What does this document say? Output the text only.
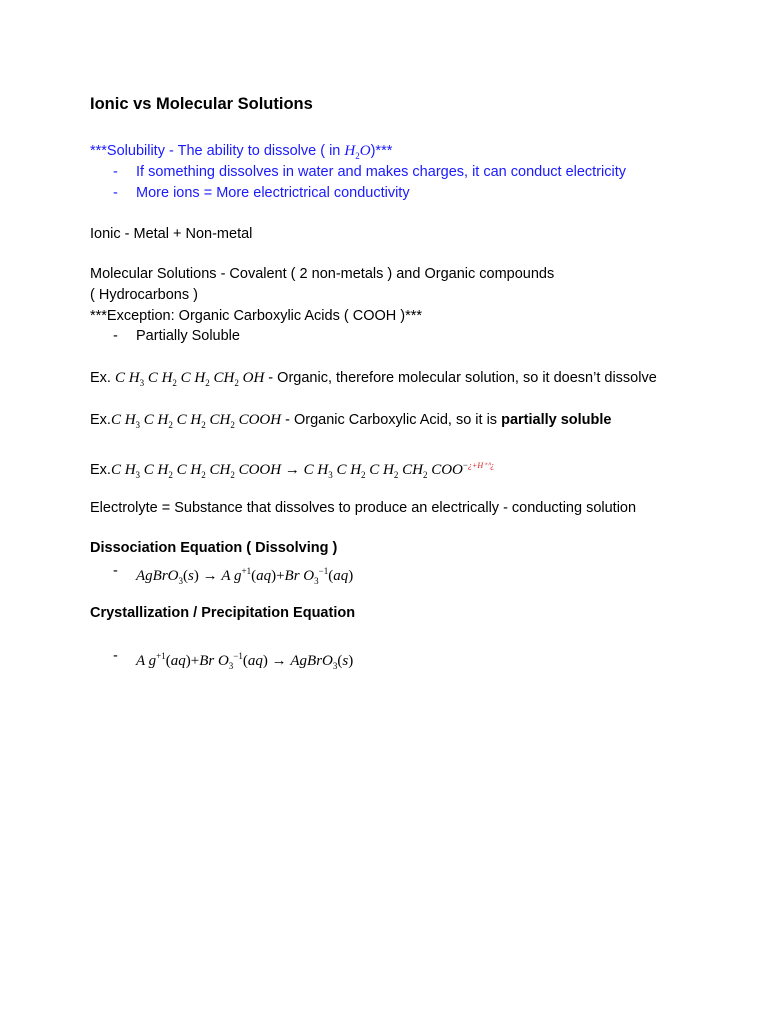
Ionic vs Molecular Solutions
***Solubility - The ability to dissolve ( in $H_2O)***$
- If something dissolves in water and makes charges, it can conduct electricity
- More ions = More electrictrical conductivity
Ionic - Metal + Non-metal
Molecular Solutions - Covalent ( 2 non-metals ) and Organic compounds
( Hydrocarbons )
***Exception: Organic Carboxylic Acids ( COOH )***
- Partially Soluble
Ex. C $H_3$ C $H_2$ C $H_2$ $CH_2$ OH - Organic, therefore molecular solution, so it doesn’t dissolve
Ex.C $H_3$ C $H_2$ C $H_2$ $CH_2$ COOH - Organic Carboxylic Acid, so it is partially soluble
Ex.C $H_3$ C $H_2$ C $H_2$ $CH_2$ COOH → C $H_3$ C $H_2$ C $H_2$ $CH_2$ $COO^{-¿+H^{+ii}¿}$
Electrolyte = Substance that dissolves to produce an electrically - conducting solution
Dissociation Equation ( Dissolving )
- AgBrO$_3$(s) → A $g^{+1}(aq)+Br$ $O_3^{-1}(aq)$
Crystallization / Precipitation Equation
- A $g^{+1}(aq)+Br$ $O_3^{-1}(aq)$ → AgBrO$_3$(s)
